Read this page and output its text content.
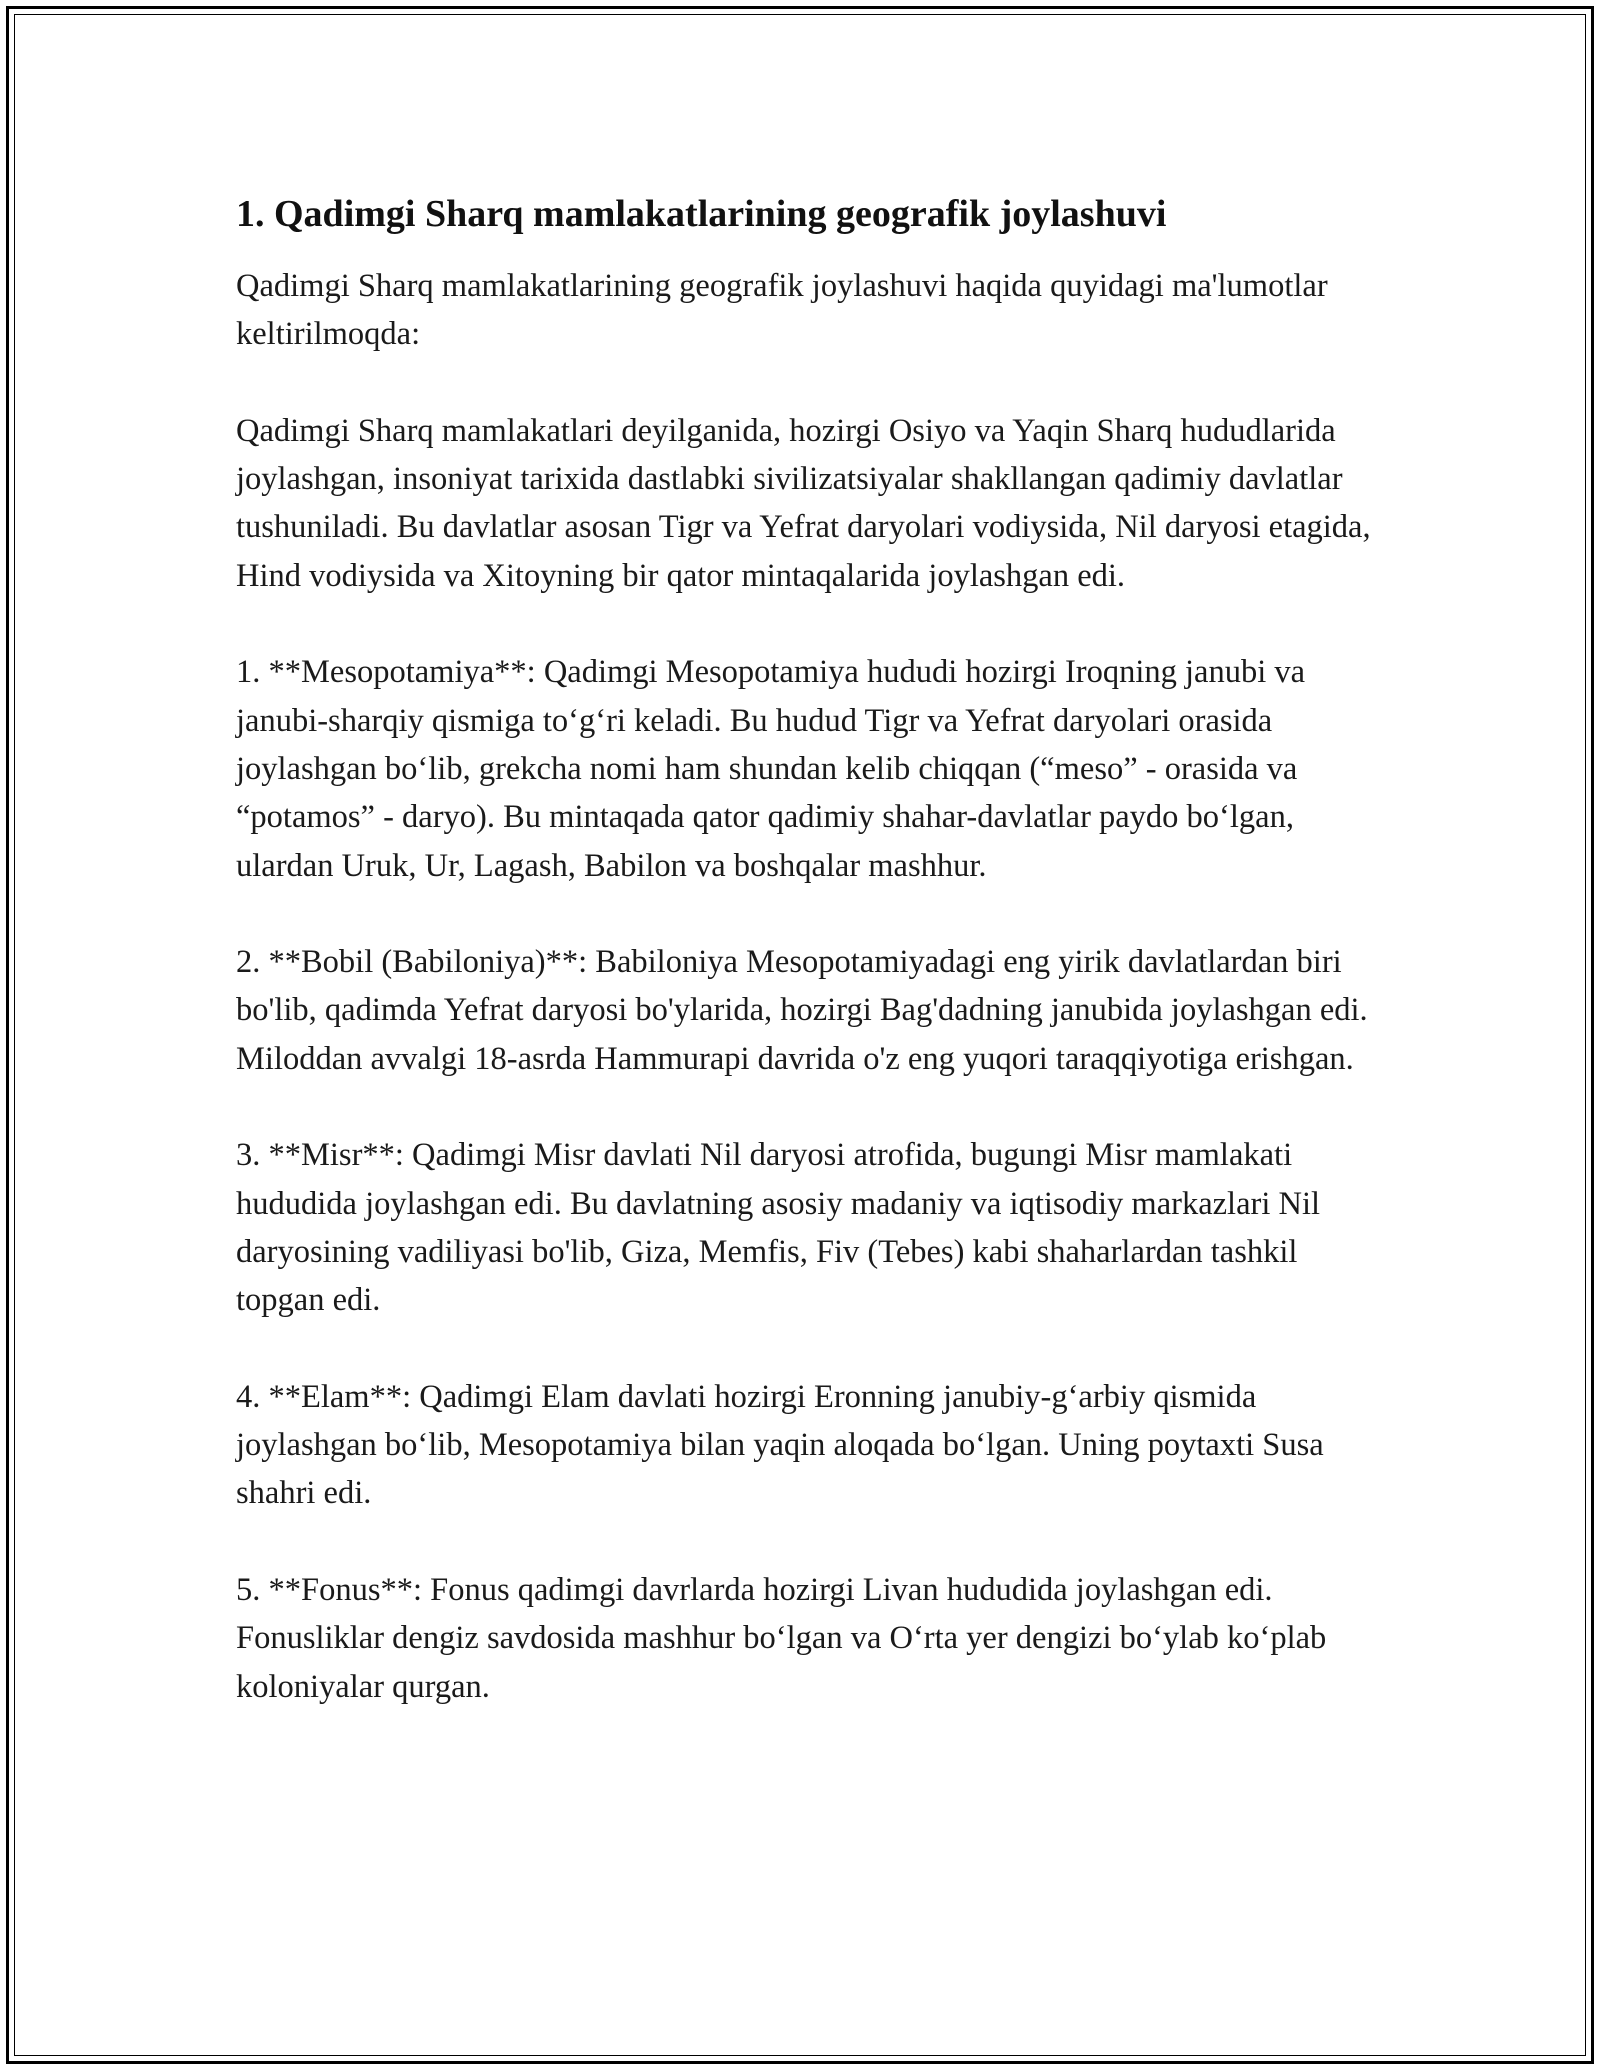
1. Qadimgi Sharq mamlakatlarining geografik joylashuvi

Qadimgi Sharq mamlakatlarining geografik joylashuvi haqida quyidagi ma'lumotlar keltirilmoqda:

Qadimgi Sharq mamlakatlari deyilganida, hozirgi Osiyo va Yaqin Sharq hududlarida joylashgan, insoniyat tarixida dastlabki sivilizatsiyalar shakllangan qadimiy davlatlar tushuniladi. Bu davlatlar asosan Tigr va Yefrat daryolari vodiysida, Nil daryosi etagida, Hind vodiysida va Xitoyning bir qator mintaqalarida joylashgan edi.

1. **Mesopotamiya**: Qadimgi Mesopotamiya hududi hozirgi Iroqning janubi va janubi-sharqiy qismiga to‘g‘ri keladi. Bu hudud Tigr va Yefrat daryolari orasida joylashgan bo‘lib, grekcha nomi ham shundan kelib chiqqan (“meso” - orasida va “potamos” - daryo). Bu mintaqada qator qadimiy shahar-davlatlar paydo bo‘lgan, ulardan Uruk, Ur, Lagash, Babilon va boshqalar mashhur.

2. **Bobil (Babiloniya)**: Babiloniya Mesopotamiyadagi eng yirik davlatlardan biri bo'lib, qadimda Yefrat daryosi bo'ylarida, hozirgi Bag'dadning janubida joylashgan edi. Miloddan avvalgi 18-asrda Hammurapi davrida o'z eng yuqori taraqqiyotiga erishgan.

3. **Misr**: Qadimgi Misr davlati Nil daryosi atrofida, bugungi Misr mamlakati hududida joylashgan edi. Bu davlatning asosiy madaniy va iqtisodiy markazlari Nil daryosining vadiliyasi bo'lib, Giza, Memfis, Fiv (Tebes) kabi shaharlardan tashkil topgan edi.

4. **Elam**: Qadimgi Elam davlati hozirgi Eronning janubiy-g‘arbiy qismida joylashgan bo‘lib, Mesopotamiya bilan yaqin aloqada bo‘lgan. Uning poytaxti Susa shahri edi.

5. **Fonus**: Fonus qadimgi davrlarda hozirgi Livan hududida joylashgan edi. Fonusliklar dengiz savdosida mashhur bo‘lgan va O‘rta yer dengizi bo‘ylab ko‘plab koloniyalar qurgan.
